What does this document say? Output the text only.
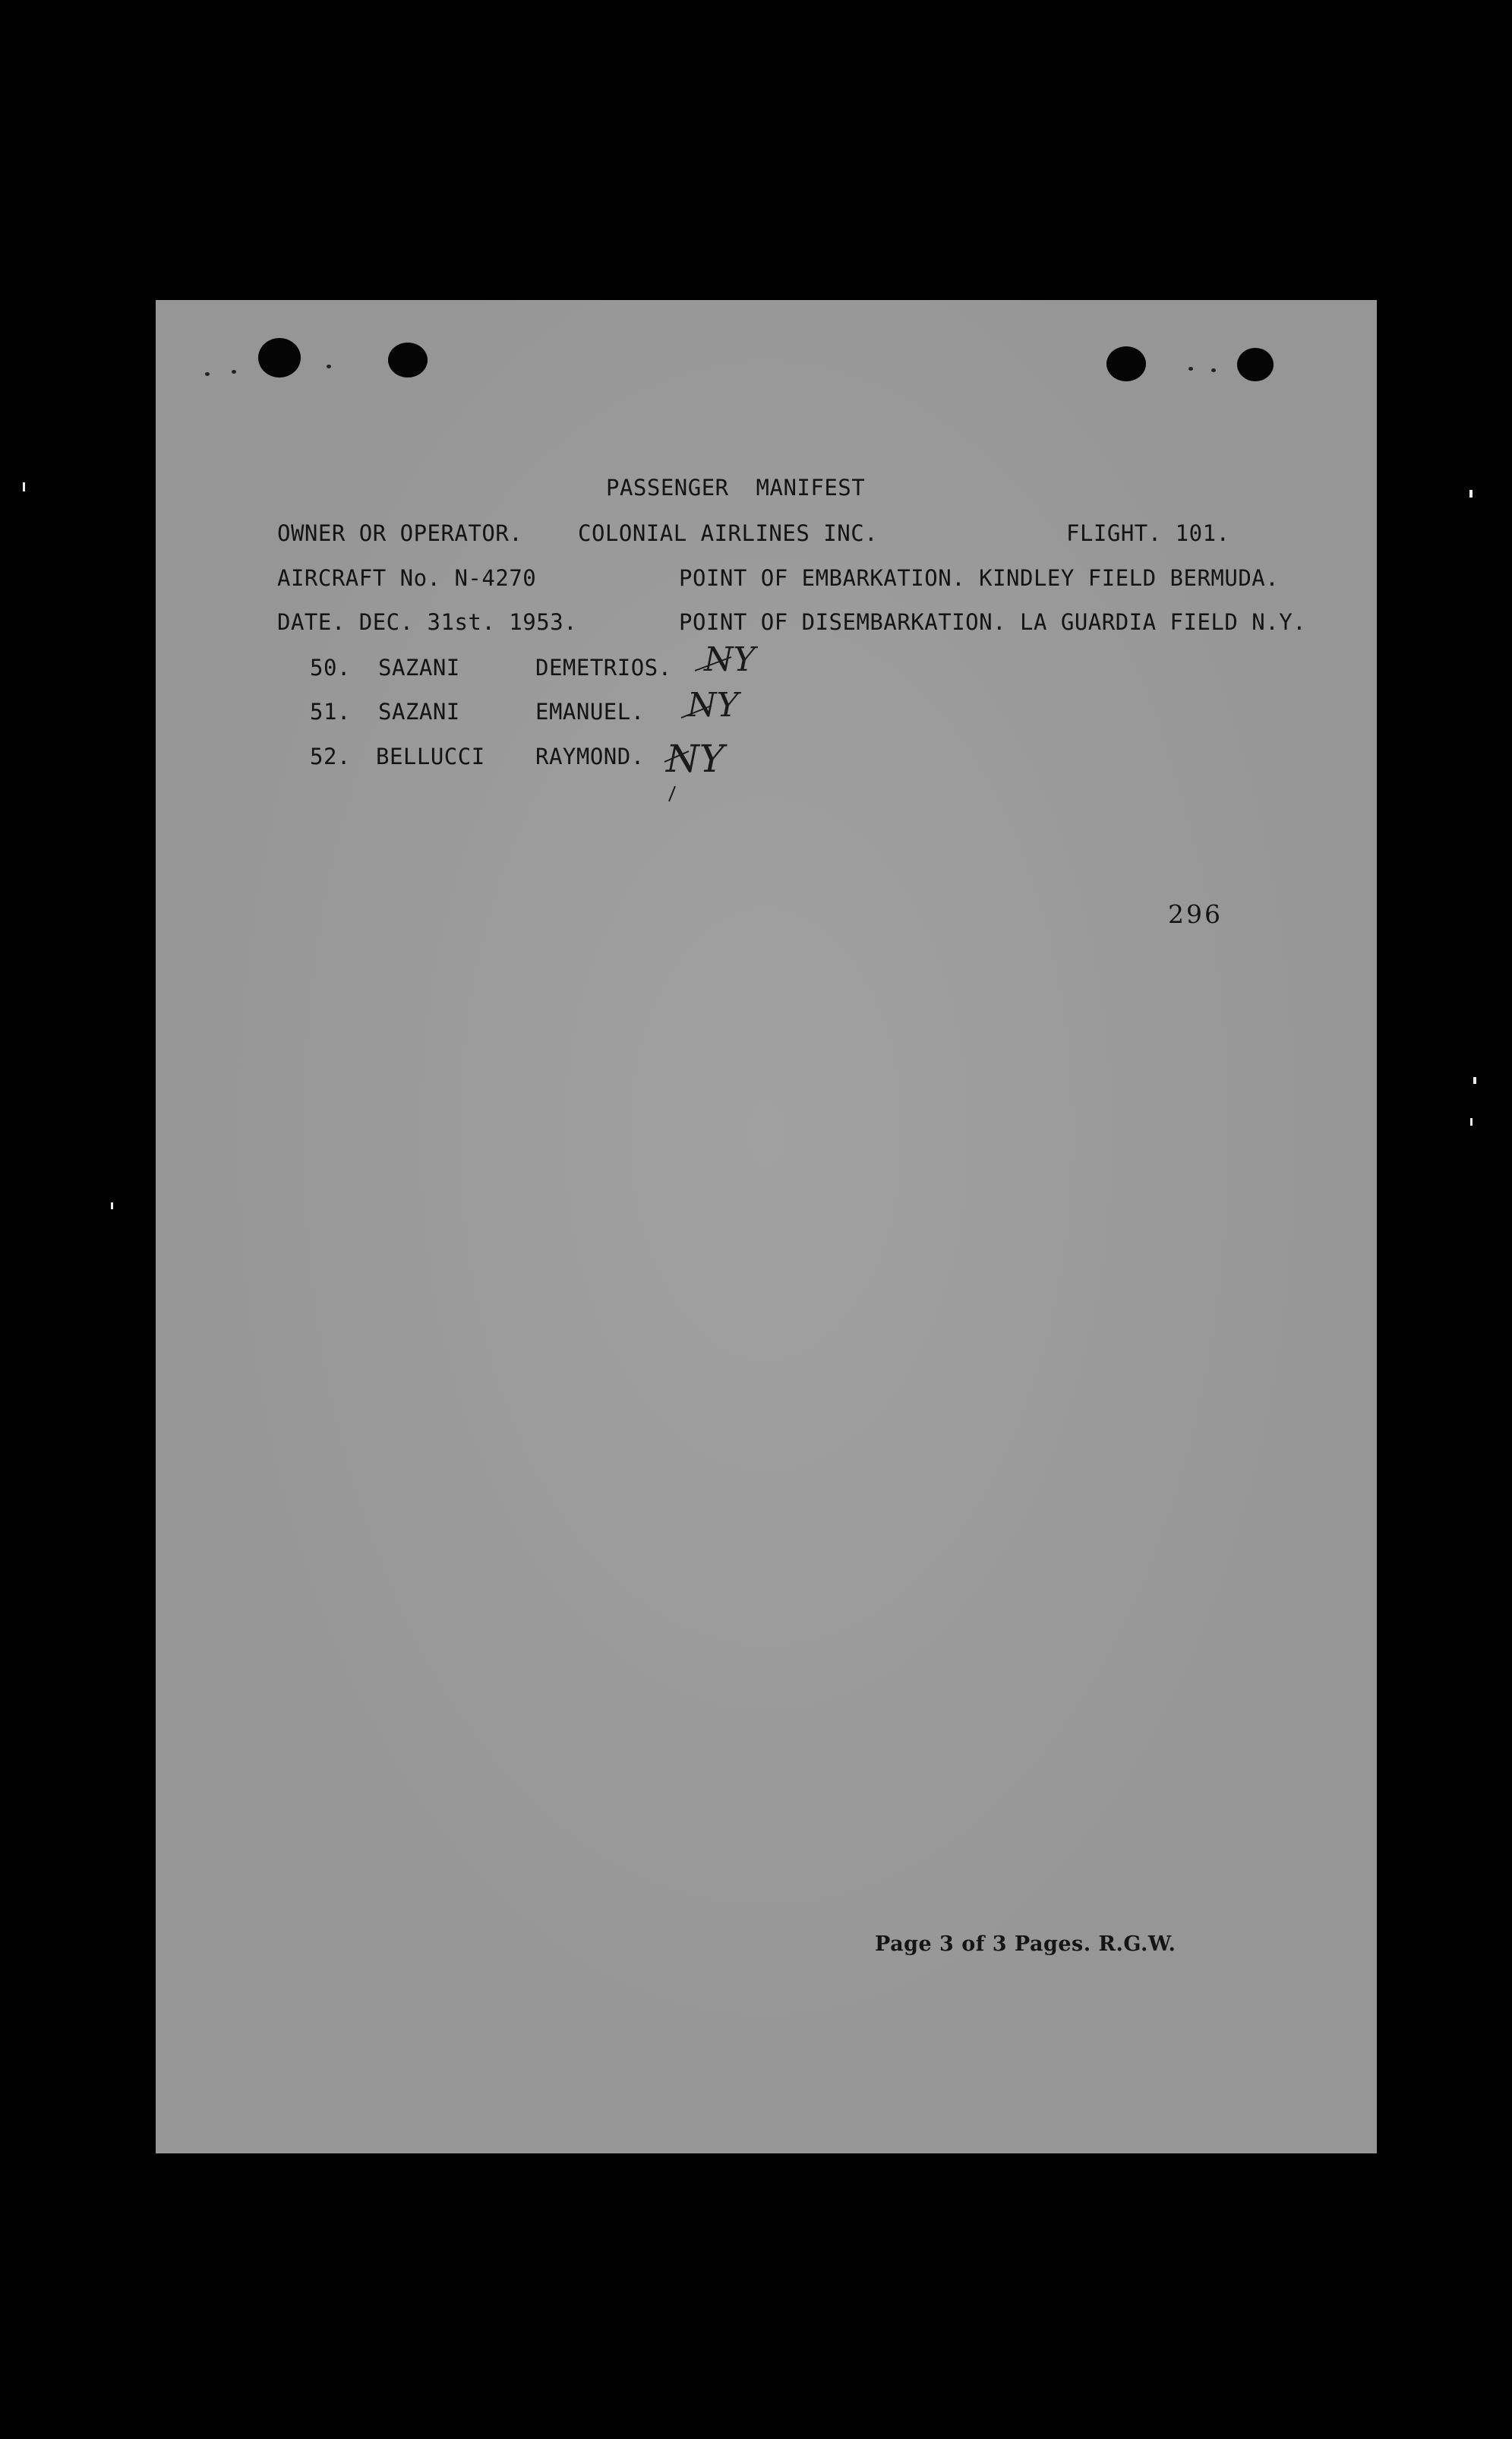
PASSENGER  MANIFEST
OWNER OR OPERATOR.	COLONIAL AIRLINES INC.	FLIGHT. 101.
AIRCRAFT No. N-4270	POINT OF EMBARKATION. KINDLEY FIELD BERMUDA.
DATE. DEC. 31st. 1953.	POINT OF DISEMBARKATION. LA GUARDIA FIELD N.Y.
50. SAZANI	DEMETRIOS. NY
51. SAZANI	EMANUEL. NY
52. BELLUCCI RAYMOND. NY
296
Page 3 of 3 Pages. R.G.W.
